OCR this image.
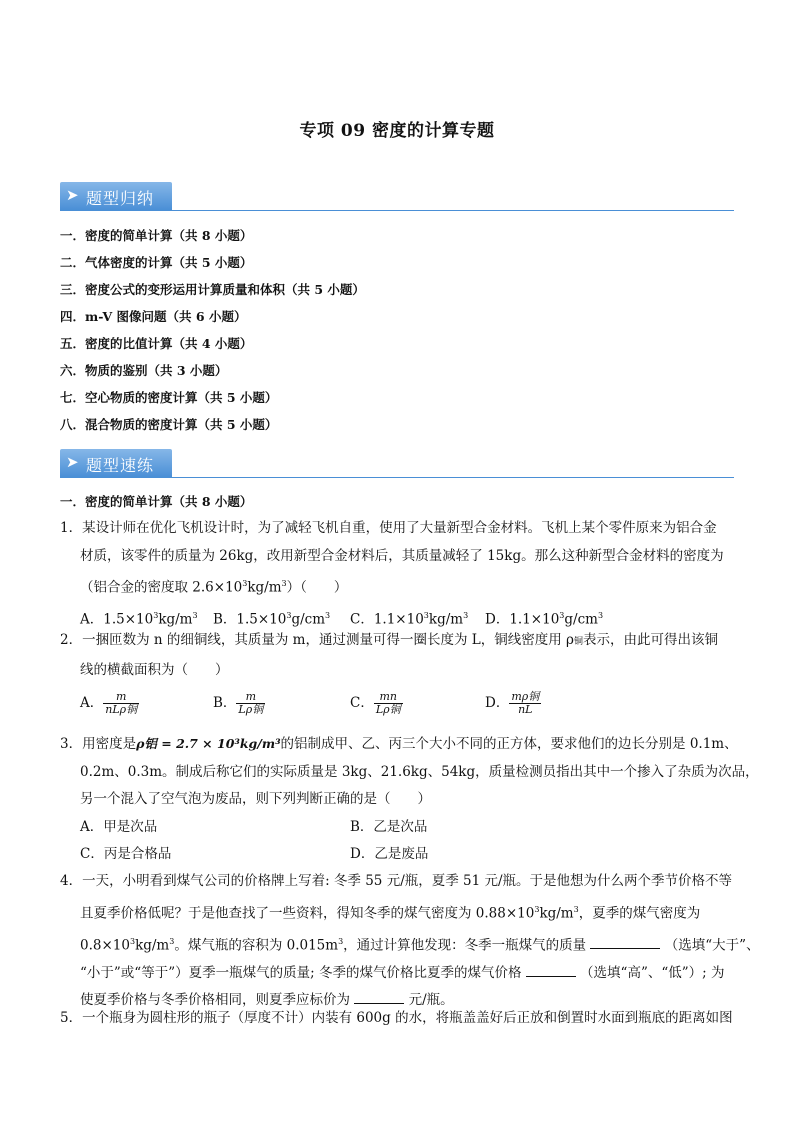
专项 09 密度的计算专题
➤ 题型归纳
一．密度的简单计算（共 8 小题）
二．气体密度的计算（共 5 小题）
三．密度公式的变形运用计算质量和体积（共 5 小题）
四．m-V 图像问题（共 6 小题）
五．密度的比值计算（共 4 小题）
六．物质的鉴别（共 3 小题）
七．空心物质的密度计算（共 5 小题）
八．混合物质的密度计算（共 5 小题）
➤ 题型速练
一．密度的简单计算（共 8 小题）
1．某设计师在优化飞机设计时，为了减轻飞机自重，使用了大量新型合金材料。飞机上某个零件原来为铝合金
材质，该零件的质量为 26kg，改用新型合金材料后，其质量减轻了 15kg。那么这种新型合金材料的密度为
（铝合金的密度取 $2.6\times 10^3kg/m^3$）（　　）
A．$1.5\times 10^3kg/m^3$ B．$1.5\times 10^3g/cm^3$ C．$1.1\times 10^3kg/m^3$ D．$1.1\times 10^3g/cm^3$
2．一捆匝数为 n 的细铜线，其质量为 m，通过测量可得一圈长度为 L，铜线密度用 ρ铜表示，由此可得出该铜
线的横截面积为（　　）
A． $\frac{m}{\text{nLρ铜}}$	B． $\frac{m}{\text{Lρ铜}}$	C． $\frac{mn}{\text{Lρ铜}}$	D． $\frac{\text{mρ铜}}{nL}$
3．用密度是ρ铝 = 2.7 × 10³kg/m³的铝制成甲、乙、丙三个大小不同的正方体，要求他们的边长分别是 0.1m、
0.2m、0.3m。制成后称它们的实际质量是 3kg、21.6kg、54kg，质量检测员指出其中一个掺入了杂质为次品，
另一个混入了空气泡为废品，则下列判断正确的是（　　）
A．甲是次品	B．乙是次品
C．丙是合格品	D．乙是废品
4．一天，小明看到煤气公司的价格牌上写着: 冬季 55 元/瓶，夏季 51 元/瓶。于是他想为什么两个季节价格不等
且夏季价格低呢？于是他查找了一些资料，得知冬季的煤气密度为 $0.88\times 10^3kg/m^3$，夏季的煤气密度为
$0.8\times 10^3kg/m^3$。煤气瓶的容积为 $0.015m^3$，通过计算他发现：冬季一瓶煤气的质量	（选填“大于”、
“小于”或“等于”）夏季一瓶煤气的质量; 冬季的煤气价格比夏季的煤气价格	（选填“高”、“低”）; 为
使夏季价格与冬季价格相同，则夏季应标价为	元/瓶。
5．一个瓶身为圆柱形的瓶子（厚度不计）内装有 600g 的水，将瓶盖盖好后正放和倒置时水面到瓶底的距离如图
